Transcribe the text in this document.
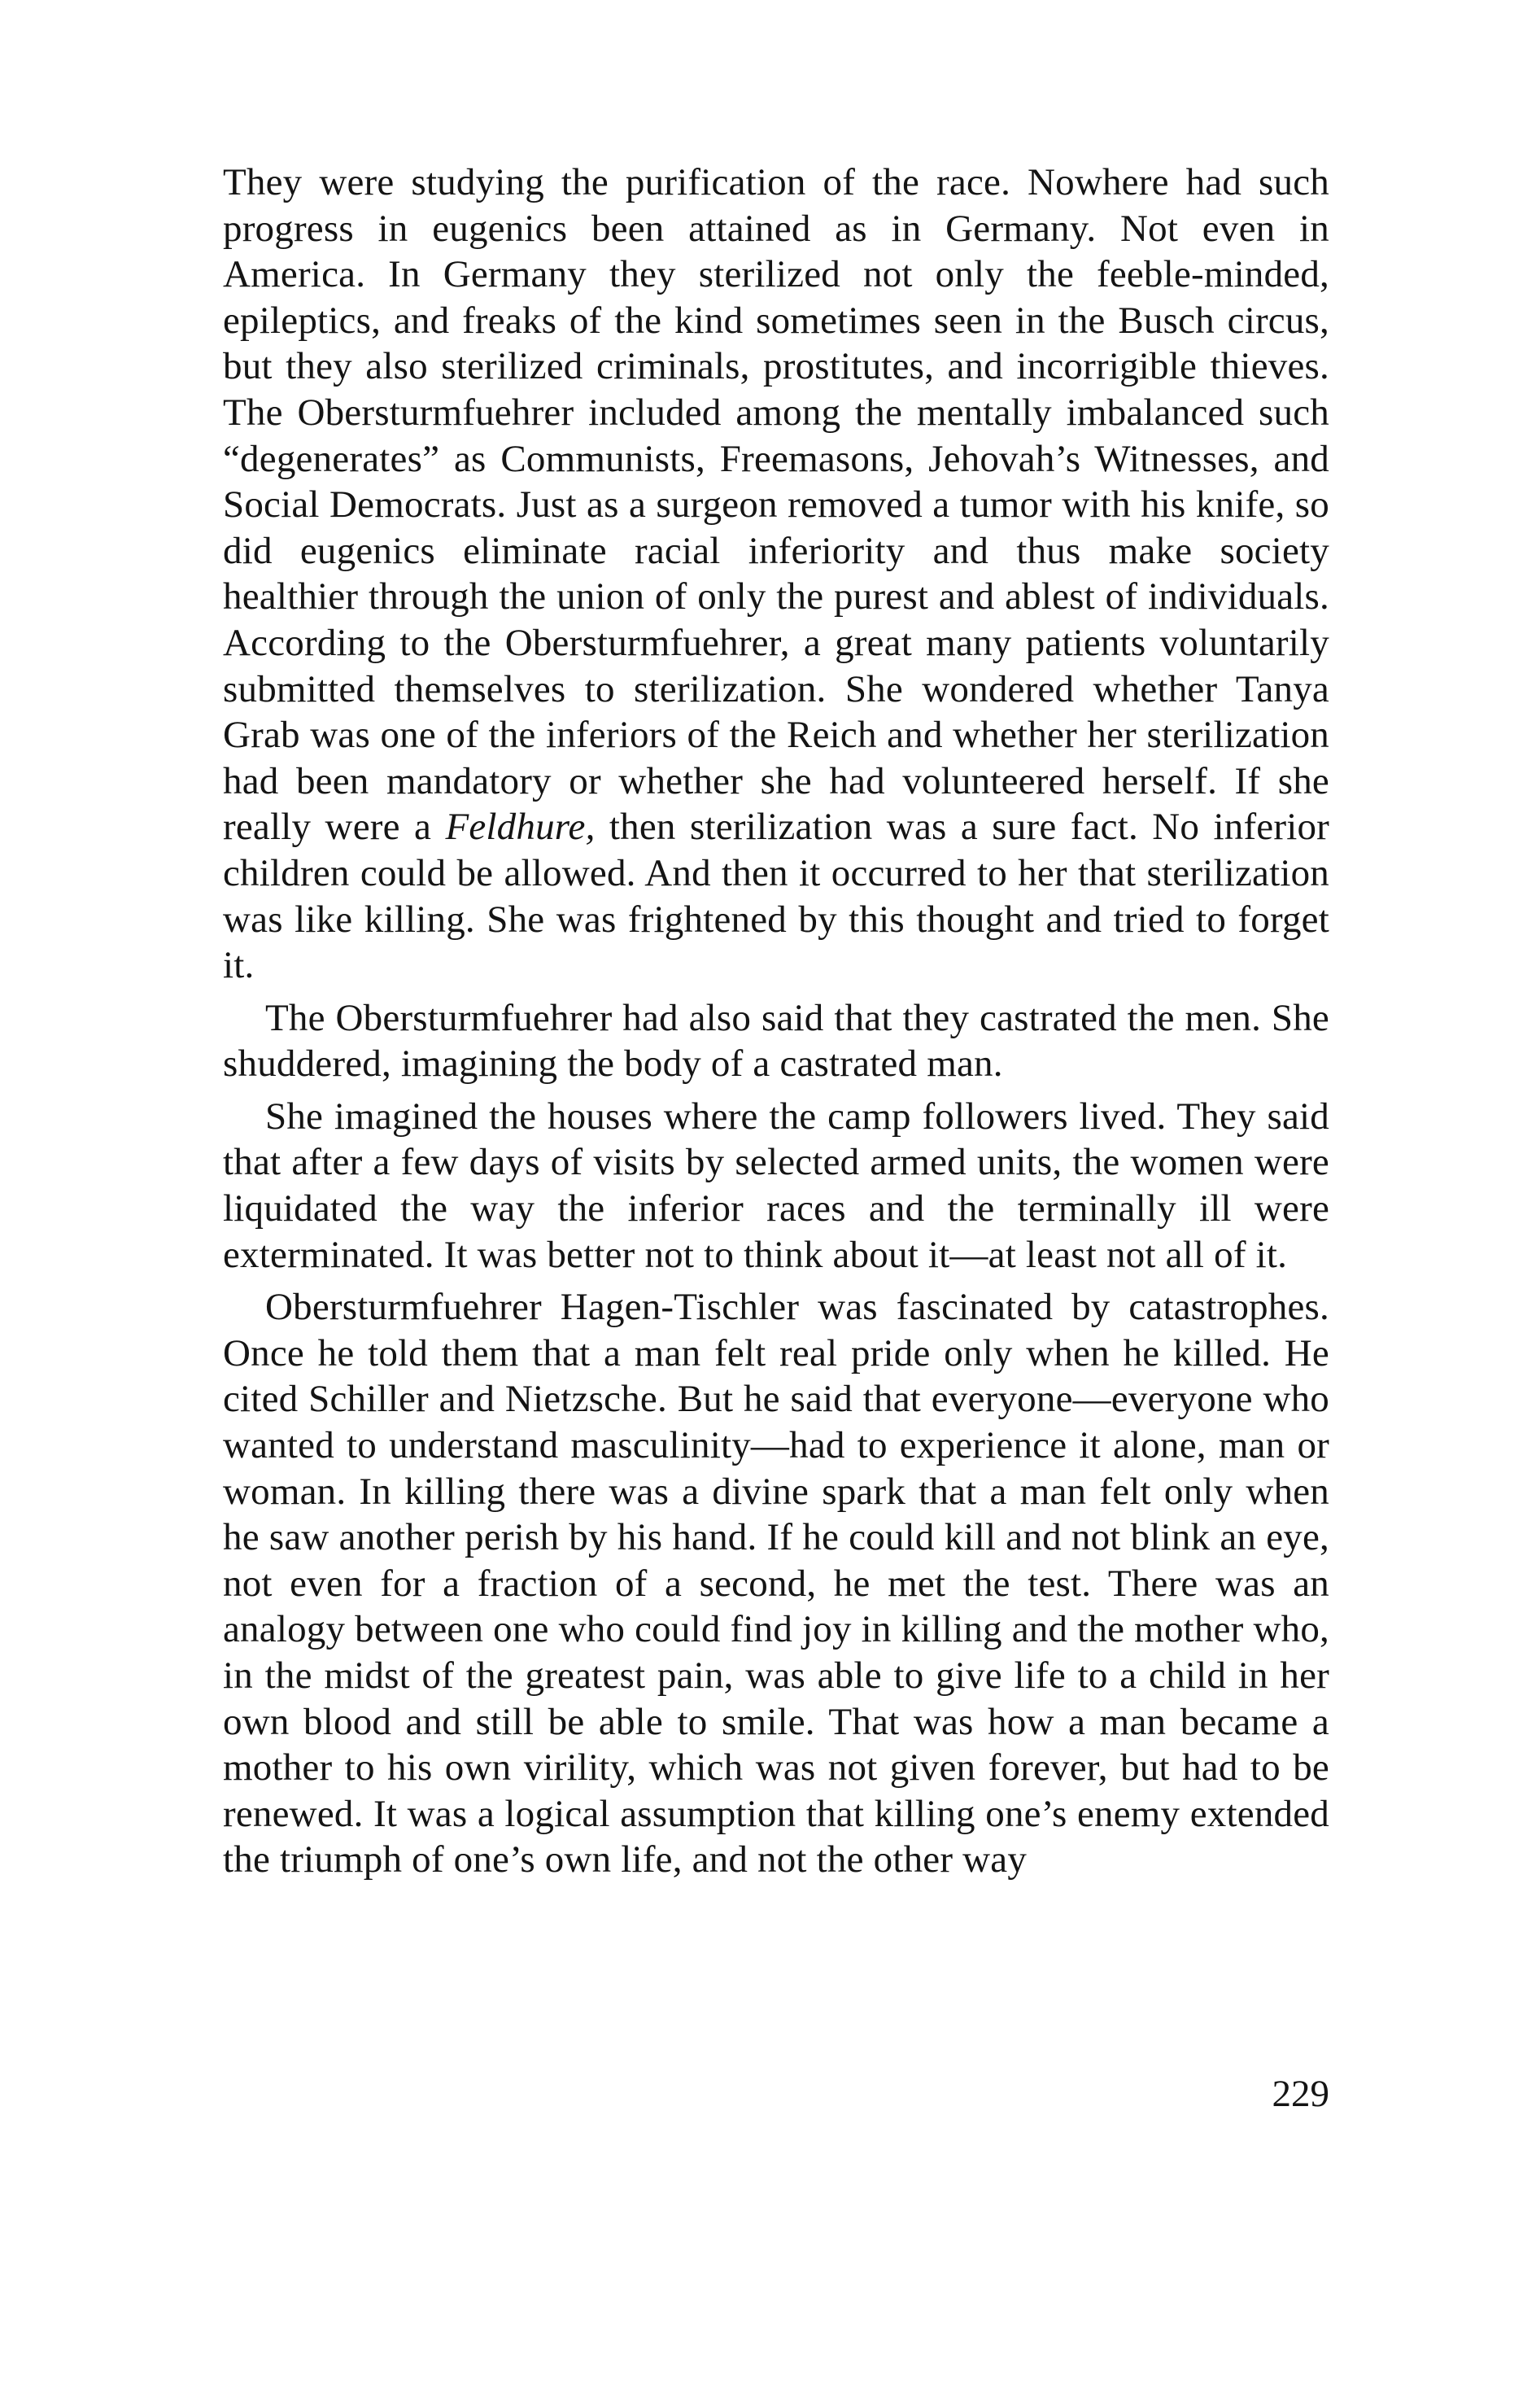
They were studying the purification of the race. Nowhere had such progress in eugenics been attained as in Germany. Not even in America. In Germany they sterilized not only the feeble-minded, epileptics, and freaks of the kind sometimes seen in the Busch circus, but they also sterilized criminals, prostitutes, and incorrigible thieves. The Obersturmfuehrer included among the mentally imbalanced such “degenerates” as Communists, Freemasons, Jehovah’s Witnesses, and Social Democrats. Just as a surgeon removed a tumor with his knife, so did eugenics eliminate racial inferiority and thus make society healthier through the union of only the purest and ablest of individuals. According to the Obersturmfuehrer, a great many patients voluntarily submitted themselves to sterilization. She wondered whether Tanya Grab was one of the inferiors of the Reich and whether her sterilization had been mandatory or whether she had volunteered herself. If she really were a Feldhure, then sterilization was a sure fact. No inferior children could be allowed. And then it occurred to her that sterilization was like killing. She was frightened by this thought and tried to forget it.

The Obersturmfuehrer had also said that they castrated the men. She shuddered, imagining the body of a castrated man.

She imagined the houses where the camp followers lived. They said that after a few days of visits by selected armed units, the women were liquidated the way the inferior races and the terminally ill were exterminated. It was better not to think about it—at least not all of it.

Obersturmfuehrer Hagen-Tischler was fascinated by catastrophes. Once he told them that a man felt real pride only when he killed. He cited Schiller and Nietzsche. But he said that everyone—everyone who wanted to understand masculinity—had to experience it alone, man or woman. In killing there was a divine spark that a man felt only when he saw another perish by his hand. If he could kill and not blink an eye, not even for a fraction of a second, he met the test. There was an analogy between one who could find joy in killing and the mother who, in the midst of the greatest pain, was able to give life to a child in her own blood and still be able to smile. That was how a man became a mother to his own virility, which was not given forever, but had to be renewed. It was a logical assumption that killing one’s enemy extended the triumph of one’s own life, and not the other way

229
